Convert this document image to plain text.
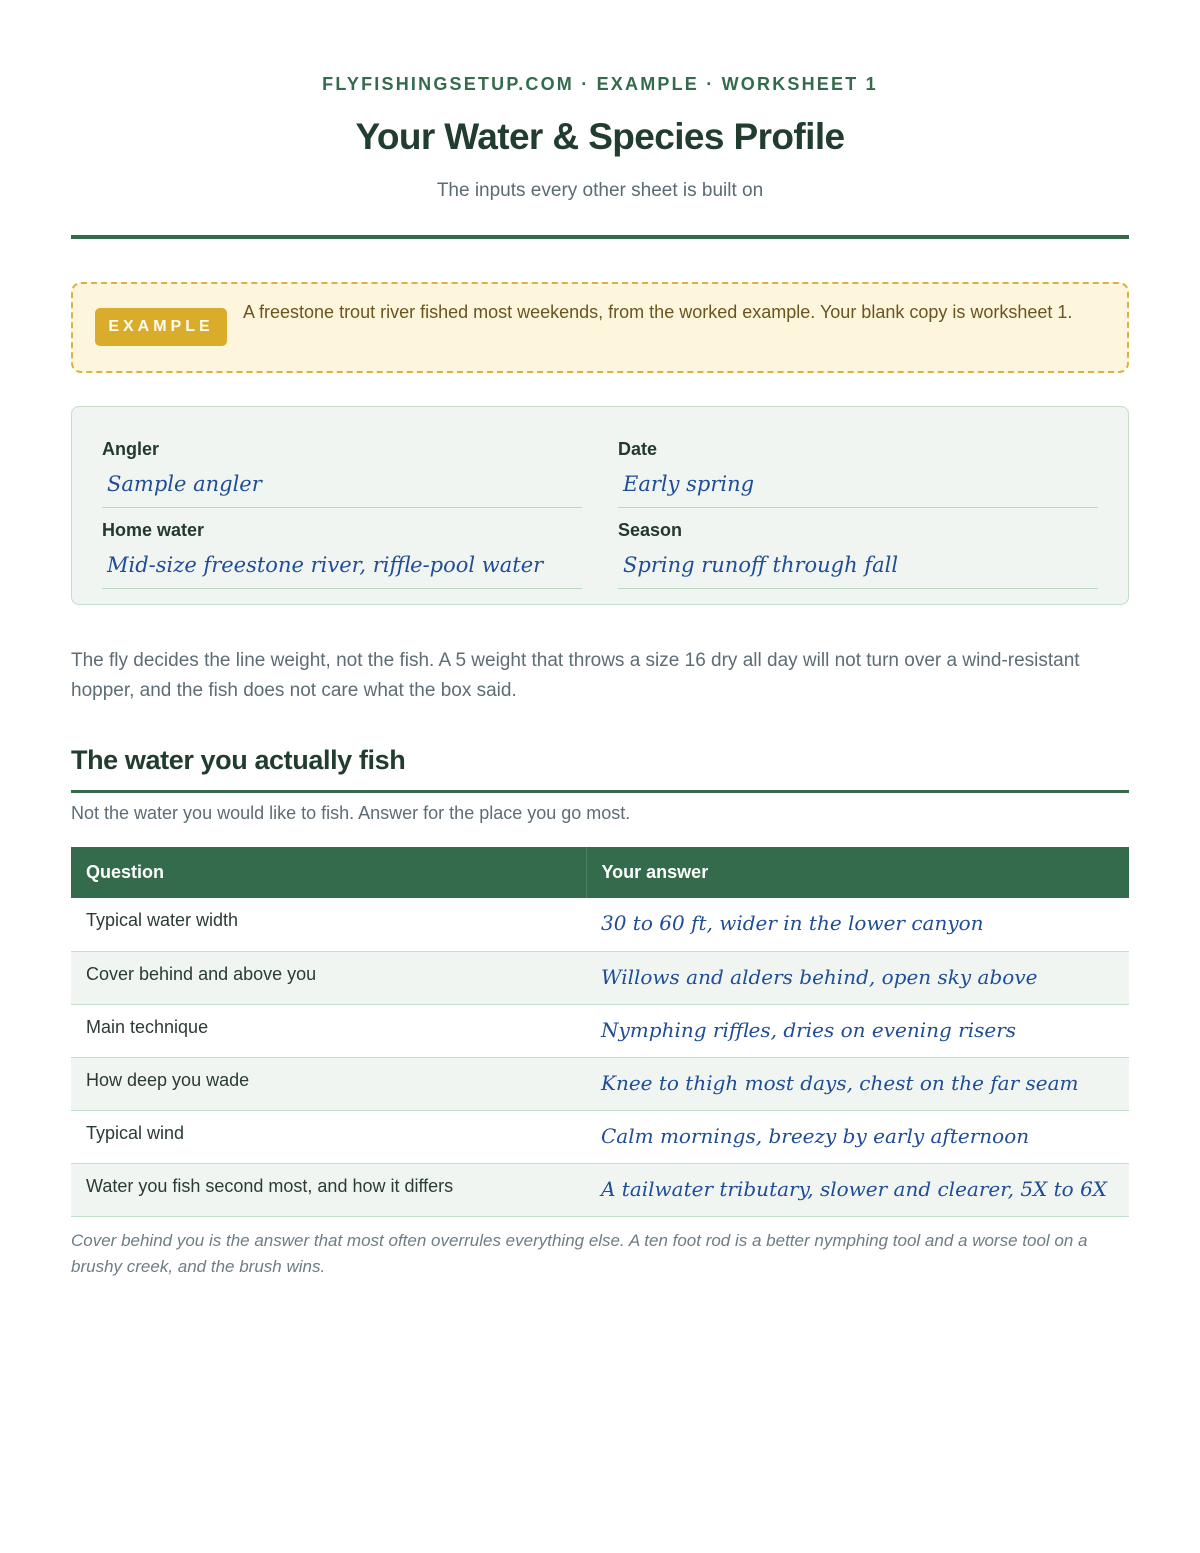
FLYFISHINGSETUP.COM · EXAMPLE · WORKSHEET 1
Your Water & Species Profile
The inputs every other sheet is built on
EXAMPLE
A freestone trout river fished most weekends, from the worked example. Your blank copy is worksheet 1.
Angler
Sample angler
Date
Early spring
Home water
Mid-size freestone river, riffle-pool water
Season
Spring runoff through fall

The fly decides the line weight, not the fish. A 5 weight that throws a size 16 dry all day will not turn over a wind-resistant hopper, and the fish does not care what the box said.

The water you actually fish
Not the water you would like to fish. Answer for the place you go most.
Question	Your answer
Typical water width	30 to 60 ft, wider in the lower canyon
Cover behind and above you	Willows and alders behind, open sky above
Main technique	Nymphing riffles, dries on evening risers
How deep you wade	Knee to thigh most days, chest on the far seam
Typical wind	Calm mornings, breezy by early afternoon
Water you fish second most, and how it differs	A tailwater tributary, slower and clearer, 5X to 6X

Cover behind you is the answer that most often overrules everything else. A ten foot rod is a better nymphing tool and a worse tool on a brushy creek, and the brush wins.
